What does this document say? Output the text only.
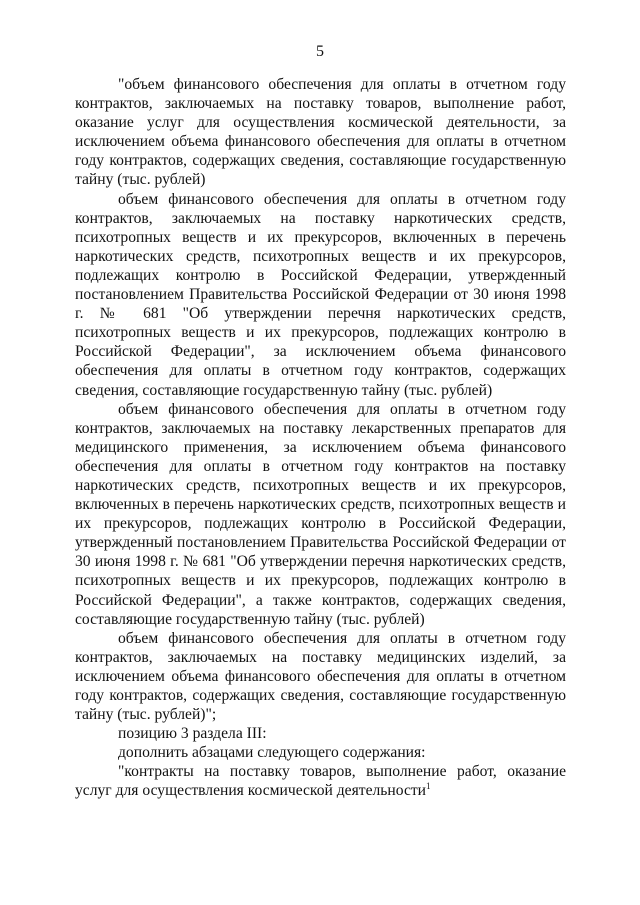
5

"объем финансового обеспечения для оплаты в отчетном году контрактов, заключаемых на поставку товаров, выполнение работ, оказание услуг для осуществления космической деятельности, за исключением объема финансового обеспечения для оплаты в отчетном году контрактов, содержащих сведения, составляющие государственную тайну (тыс. рублей)

объем финансового обеспечения для оплаты в отчетном году контрактов, заключаемых на поставку наркотических средств, психотропных веществ и их прекурсоров, включенных в перечень наркотических средств, психотропных веществ и их прекурсоров, подлежащих контролю в Российской Федерации, утвержденный постановлением Правительства Российской Федерации от 30 июня 1998 г. № 681 "Об утверждении перечня наркотических средств, психотропных веществ и их прекурсоров, подлежащих контролю в Российской Федерации", за исключением объема финансового обеспечения для оплаты в отчетном году контрактов, содержащих сведения, составляющие государственную тайну (тыс. рублей)

объем финансового обеспечения для оплаты в отчетном году контрактов, заключаемых на поставку лекарственных препаратов для медицинского применения, за исключением объема финансового обеспечения для оплаты в отчетном году контрактов на поставку наркотических средств, психотропных веществ и их прекурсоров, включенных в перечень наркотических средств, психотропных веществ и их прекурсоров, подлежащих контролю в Российской Федерации, утвержденный постановлением Правительства Российской Федерации от 30 июня 1998 г. № 681 "Об утверждении перечня наркотических средств, психотропных веществ и их прекурсоров, подлежащих контролю в Российской Федерации", а также контрактов, содержащих сведения, составляющие государственную тайну (тыс. рублей)

объем финансового обеспечения для оплаты в отчетном году контрактов, заключаемых на поставку медицинских изделий, за исключением объема финансового обеспечения для оплаты в отчетном году контрактов, содержащих сведения, составляющие государственную тайну (тыс. рублей)";

позицию 3 раздела III:

дополнить абзацами следующего содержания:

"контракты на поставку товаров, выполнение работ, оказание услуг для осуществления космической деятельности$^1$
